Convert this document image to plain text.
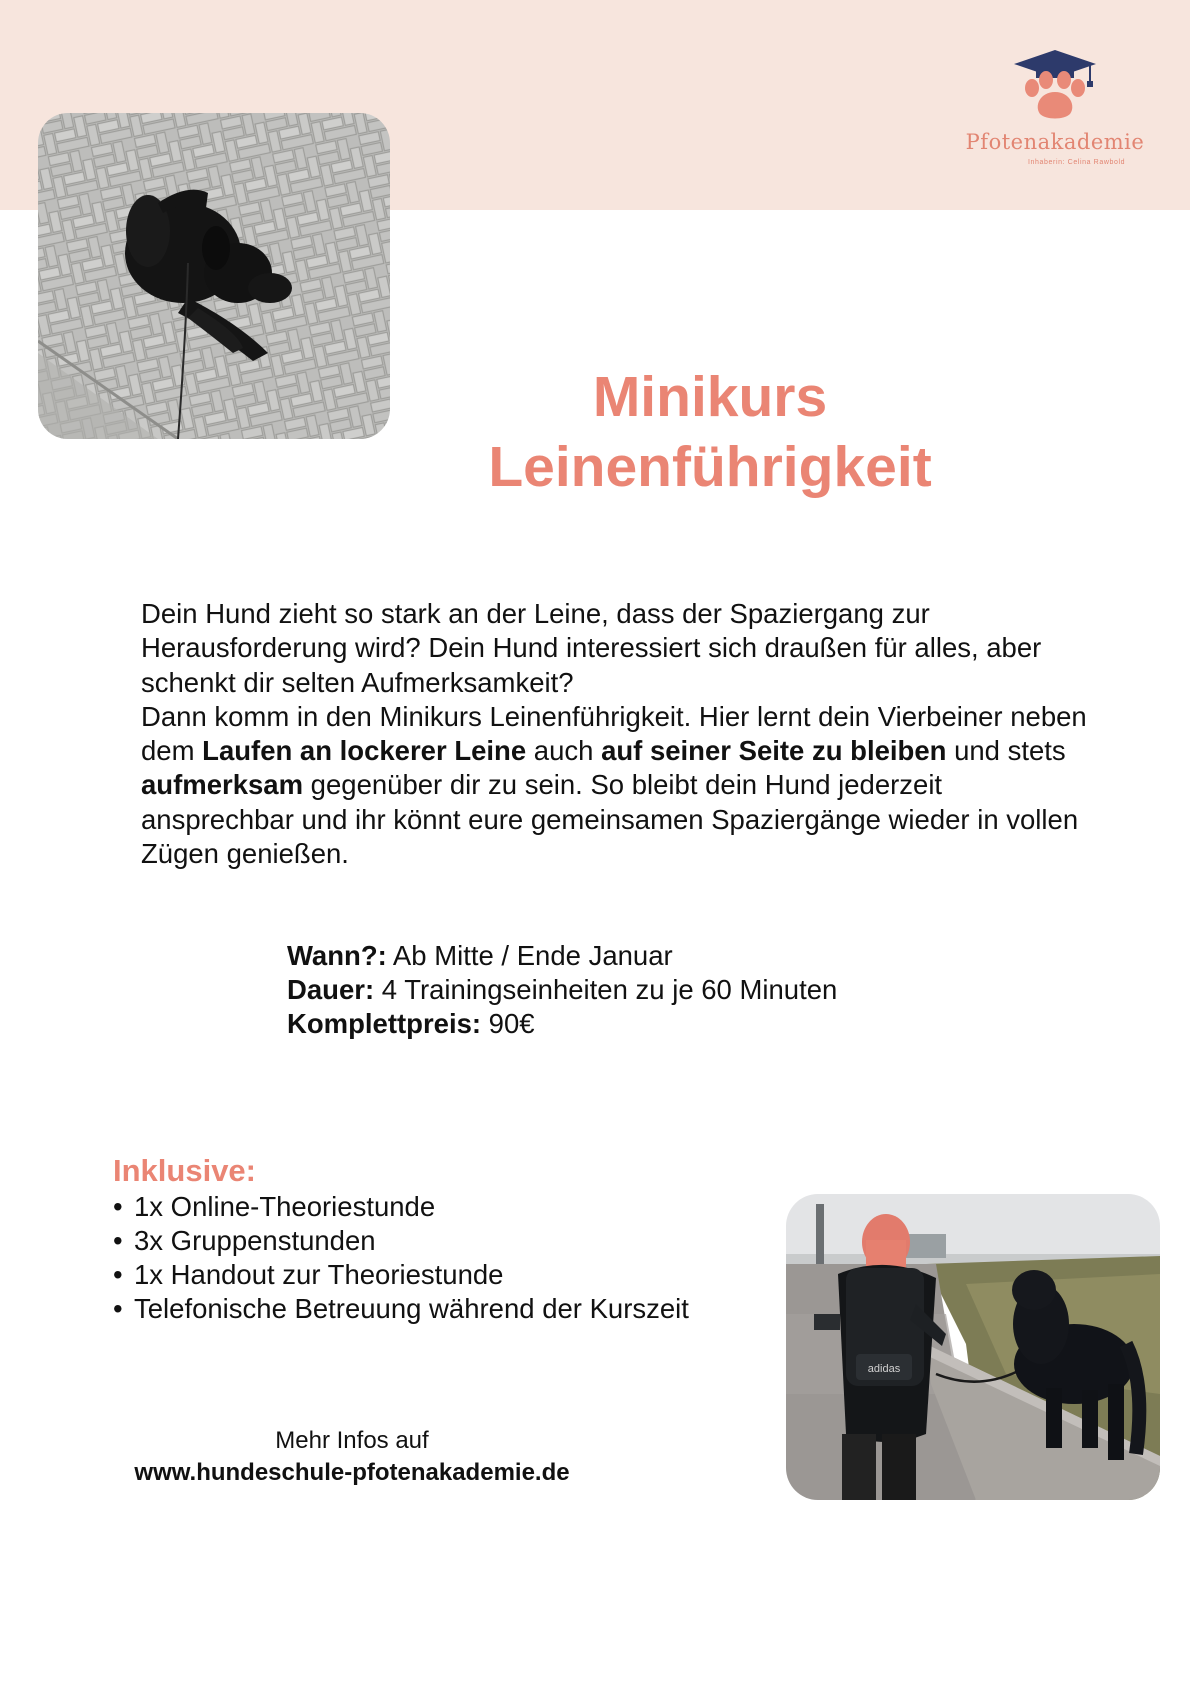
Pfotenakademie
Inhaberin: Celina Rawbold
Minikurs
Leinenführigkeit

Dein Hund zieht so stark an der Leine, dass der Spaziergang zur Herausforderung wird? Dein Hund interessiert sich draußen für alles, aber schenkt dir selten Aufmerksamkeit?

Dann komm in den Minikurs Leinenführigkeit. Hier lernt dein Vierbeiner neben dem Laufen an lockerer Leine auch auf seiner Seite zu bleiben und stets aufmerksam gegenüber dir zu sein. So bleibt dein Hund jederzeit ansprechbar und ihr könnt eure gemeinsamen Spaziergänge wieder in vollen Zügen genießen.

Wann?: Ab Mitte / Ende Januar
Dauer: 4 Trainingseinheiten zu je 60 Minuten
Komplettpreis: 90€
Inklusive:
• 1x Online-Theoriestunde
• 3x Gruppenstunden
• 1x Handout zur Theoriestunde
• Telefonische Betreuung während der Kurszeit
Mehr Infos auf
www.hundeschule-pfotenakademie.de
adidas
